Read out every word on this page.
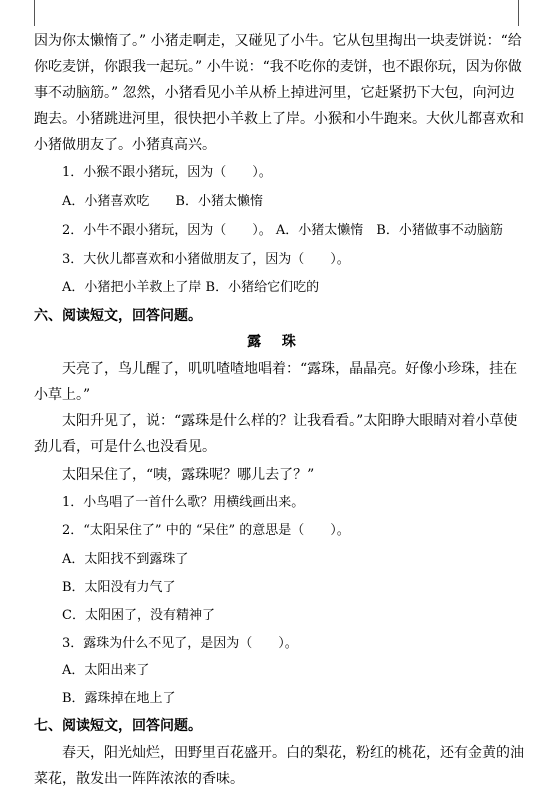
因为你太懒惰了。” 小猪走啊走，又碰见了小牛。它从包里掏出一块麦饼说：“给
你吃麦饼，你跟我一起玩。” 小牛说：“我不吃你的麦饼，也不跟你玩，因为你做
事不动脑筋。” 忽然，小猪看见小羊从桥上掉进河里，它赶紧扔下大包，向河边
跑去。小猪跳进河里，很快把小羊救上了岸。小猴和小牛跑来。大伙儿都喜欢和
小猪做朋友了。小猪真高兴。
1．小猴不跟小猪玩，因为（　　）。
A．小猪喜欢吃　　B．小猪太懒惰
2．小牛不跟小猪玩，因为（　　）。 A．小猪太懒惰　B．小猪做事不动脑筋
3．大伙儿都喜欢和小猪做朋友了，因为（　　）。
A．小猪把小羊救上了岸 B．小猪给它们吃的
六、阅读短文，回答问题。
露 珠
天亮了，鸟儿醒了，叽叽喳喳地唱着：“露珠，晶晶亮。好像小珍珠，挂在
小草上。”
太阳升见了，说：“露珠是什么样的？让我看看。”太阳睁大眼睛对着小草使
劲儿看，可是什么也没看见。
太阳呆住了，“咦，露珠呢？哪儿去了？”
1．小鸟唱了一首什么歌？用横线画出来。
2．“太阳呆住了” 中的 “呆住” 的意思是（　　）。
A．太阳找不到露珠了
B．太阳没有力气了
C．太阳困了，没有精神了
3．露珠为什么不见了，是因为（　　）。
A．太阳出来了
B．露珠掉在地上了
七、阅读短文，回答问题。
春天，阳光灿烂，田野里百花盛开。白的梨花，粉红的桃花，还有金黄的油
菜花，散发出一阵阵浓浓的香味。
